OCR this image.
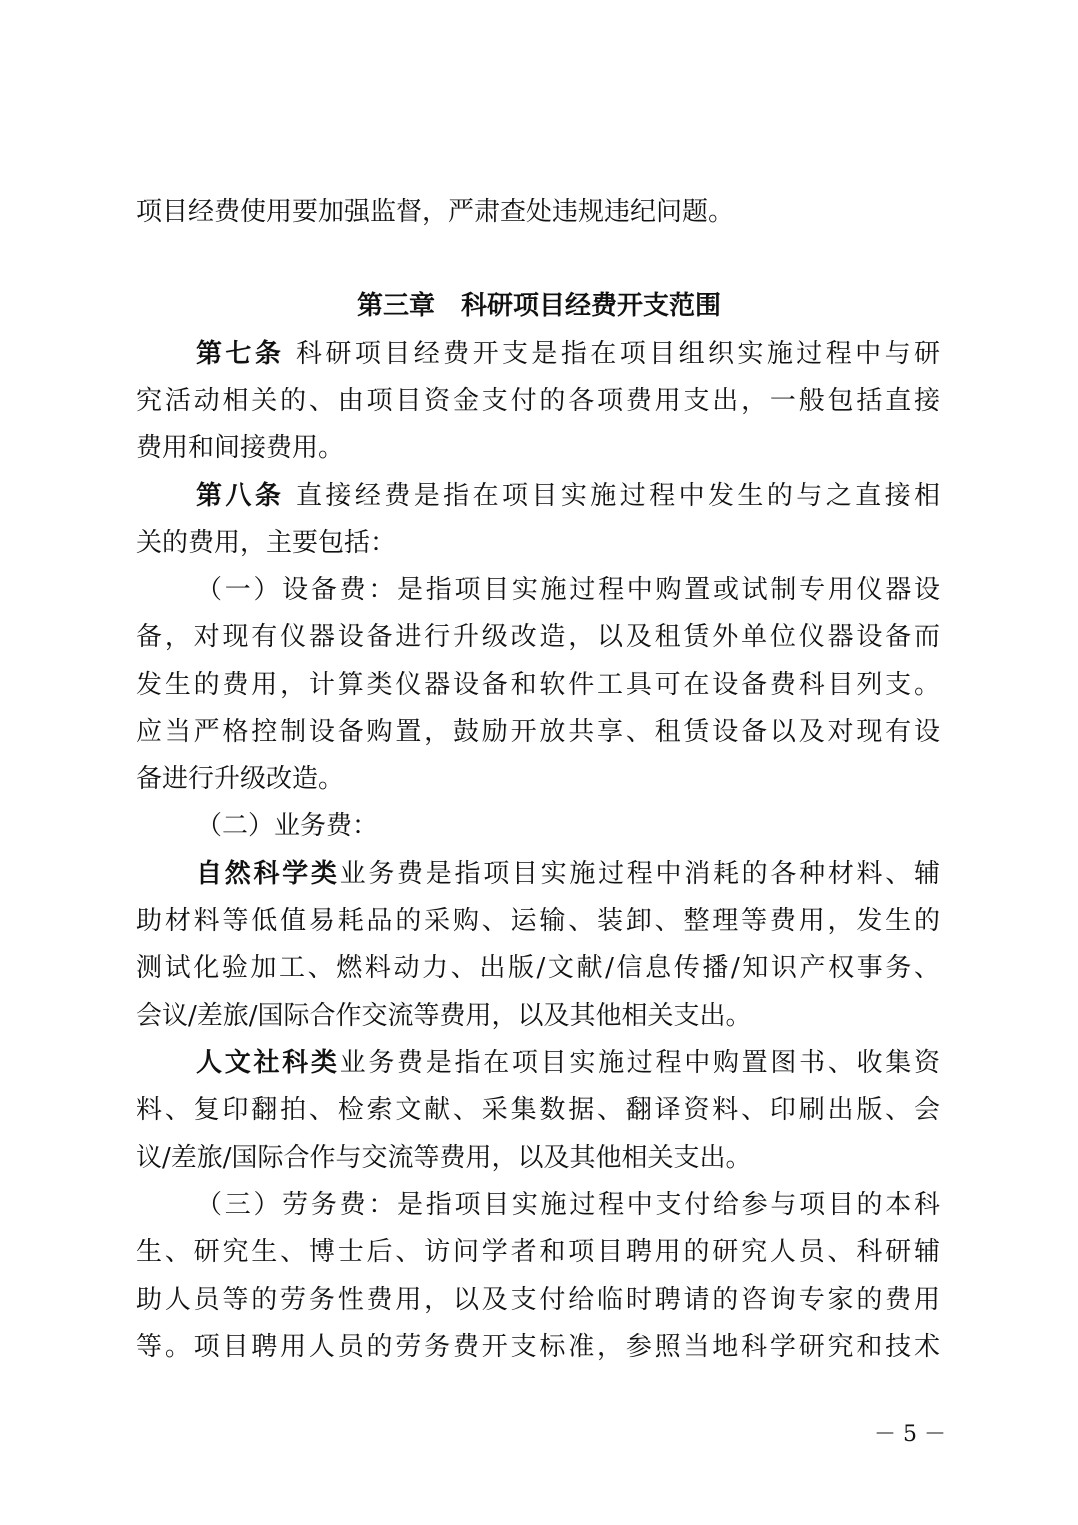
项目经费使用要加强监督，严肃查处违规违纪问题。
第三章　科研项目经费开支范围
第七条 科研项目经费开支是指在项目组织实施过程中与研
究活动相关的、由项目资金支付的各项费用支出，一般包括直接
费用和间接费用。
第八条 直接经费是指在项目实施过程中发生的与之直接相
关的费用，主要包括：
（一）设备费：是指项目实施过程中购置或试制专用仪器设
备，对现有仪器设备进行升级改造，以及租赁外单位仪器设备而
发生的费用，计算类仪器设备和软件工具可在设备费科目列支。
应当严格控制设备购置，鼓励开放共享、租赁设备以及对现有设
备进行升级改造。
（二）业务费：
自然科学类业务费是指项目实施过程中消耗的各种材料、辅
助材料等低值易耗品的采购、运输、装卸、整理等费用，发生的
测试化验加工、燃料动力、出版/文献/信息传播/知识产权事务、
会议/差旅/国际合作交流等费用，以及其他相关支出。
人文社科类业务费是指在项目实施过程中购置图书、收集资
料、复印翻拍、检索文献、采集数据、翻译资料、印刷出版、会
议/差旅/国际合作与交流等费用，以及其他相关支出。
（三）劳务费：是指项目实施过程中支付给参与项目的本科
生、研究生、博士后、访问学者和项目聘用的研究人员、科研辅
助人员等的劳务性费用，以及支付给临时聘请的咨询专家的费用
等。项目聘用人员的劳务费开支标准，参照当地科学研究和技术
－ 5 －
